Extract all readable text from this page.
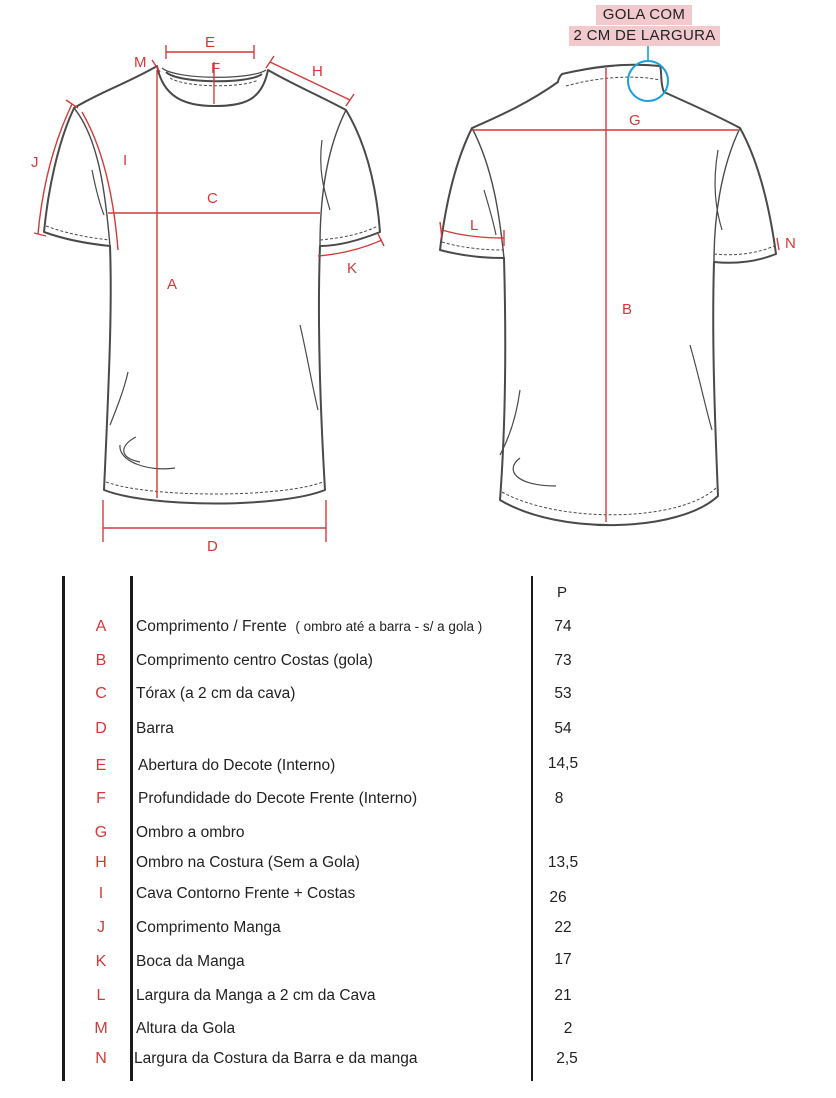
E
M	F	H
J	I
C
K
A
D
G
L
N
B
GOLA COM
2 CM DE LARGURA
P
A	Comprimento / Frente ( ombro até a barra - s/ a gola )	74
B	Comprimento centro Costas (gola)	73
C	Tórax (a 2 cm da cava)	53
D	Barra	54
E	Abertura do Decote (Interno)	14,5
F	Profundidade do Decote Frente (Interno)	8
G	Ombro a ombro
H	Ombro na Costura (Sem a Gola)	13,5
I	Cava Contorno Frente + Costas	26
J	Comprimento Manga	22
K	Boca da Manga	17
L	Largura da Manga a 2 cm da Cava	21
M	Altura da Gola	2
N	Largura da Costura da Barra e da manga	2,5
